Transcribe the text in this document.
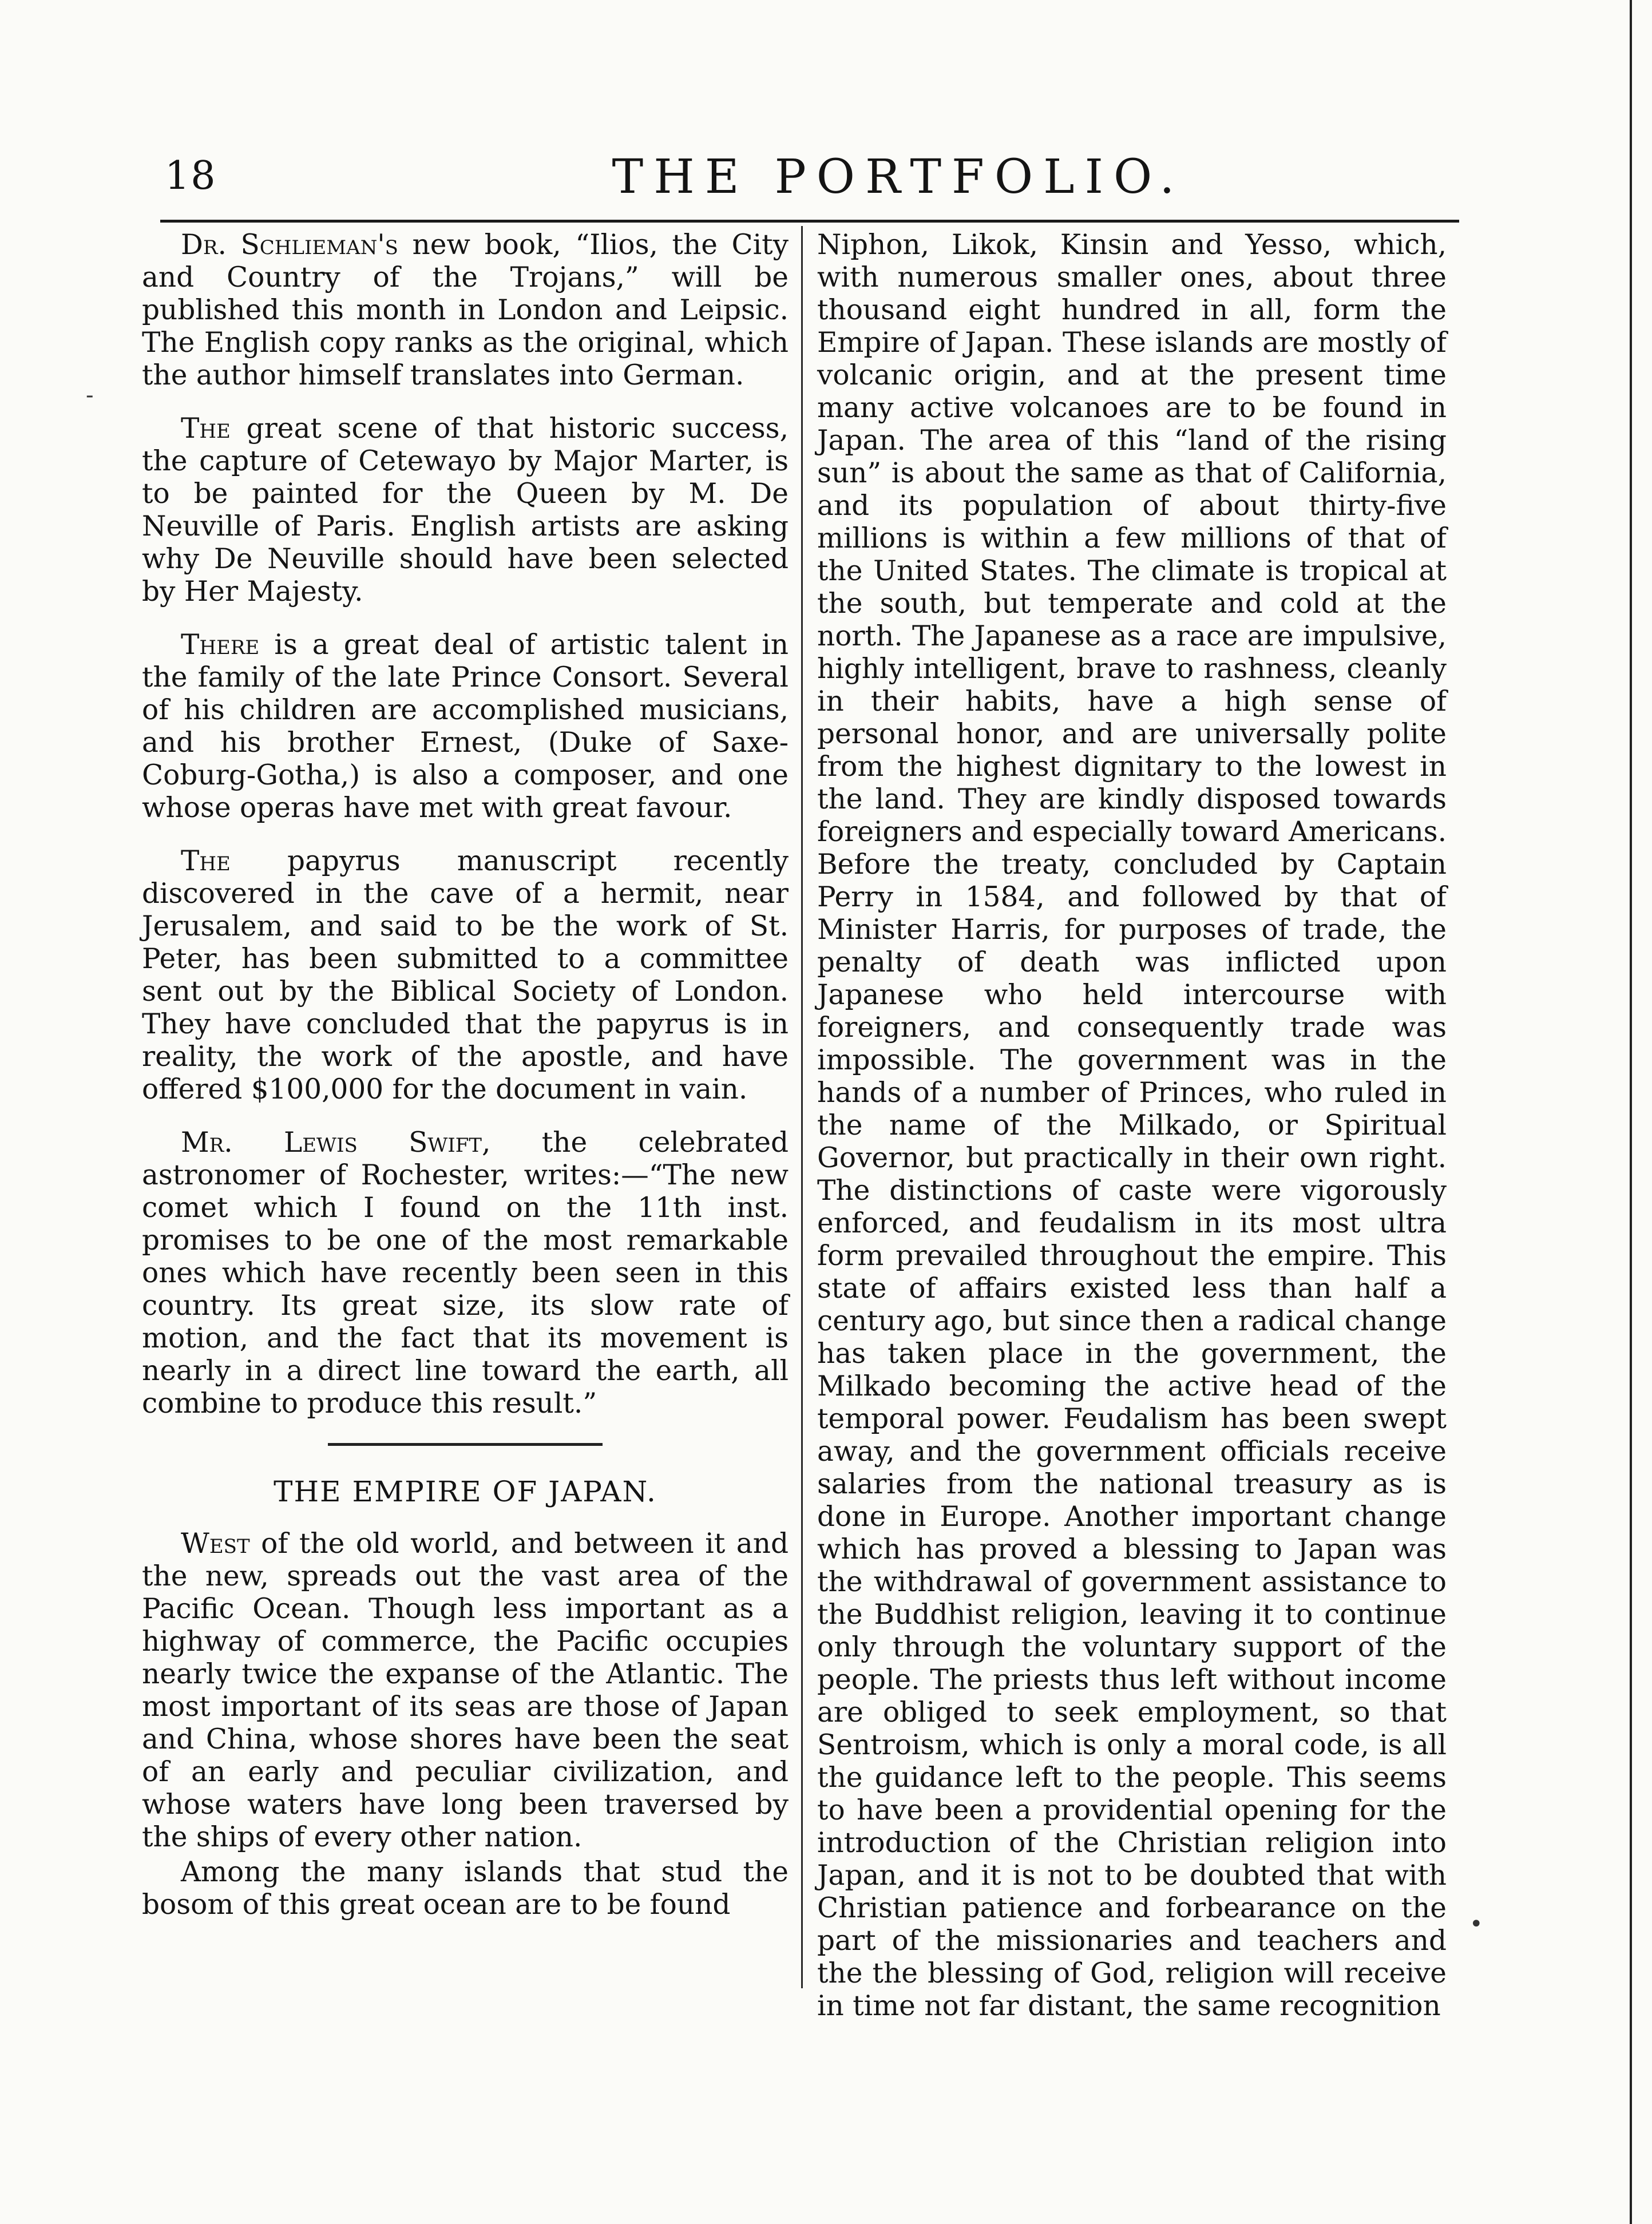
18	THE PORTFOLIO.

Dr. Schlieman's new book, “Ilios, the City and Country of the Trojans,” will be published this month in London and Leipsic. The English copy ranks as the original, which the author himself translates into German.

The great scene of that historic success, the capture of Cetewayo by Major Marter, is to be painted for the Queen by M. De Neuville of Paris. English artists are asking why De Neuville should have been selected by Her Majesty.

There is a great deal of artistic talent in the family of the late Prince Consort. Several of his children are accomplished musicians, and his brother Ernest, (Duke of Saxe-Coburg-Gotha,) is also a composer, and one whose operas have met with great favour.

The papyrus manuscript recently discovered in the cave of a hermit, near Jerusalem, and said to be the work of St. Peter, has been submitted to a committee sent out by the Biblical Society of London. They have concluded that the papyrus is in reality, the work of the apostle, and have offered $100,000 for the document in vain.

Mr. Lewis Swift, the celebrated astronomer of Rochester, writes:—“The new comet which I found on the 11th inst. promises to be one of the most remarkable ones which have recently been seen in this country. Its great size, its slow rate of motion, and the fact that its movement is nearly in a direct line toward the earth, all combine to produce this result.”

THE EMPIRE OF JAPAN.

West of the old world, and between it and the new, spreads out the vast area of the Pacific Ocean. Though less important as a highway of commerce, the Pacific occupies nearly twice the expanse of the Atlantic. The most important of its seas are those of Japan and China, whose shores have been the seat of an early and peculiar civilization, and whose waters have long been traversed by the ships of every other nation.

Among the many islands that stud the bosom of this great ocean are to be found

Niphon, Likok, Kinsin and Yesso, which, with numerous smaller ones, about three thousand eight hundred in all, form the Empire of Japan. These islands are mostly of volcanic origin, and at the present time many active volcanoes are to be found in Japan. The area of this “land of the rising sun” is about the same as that of California, and its population of about thirty-five millions is within a few millions of that of the United States. The climate is tropical at the south, but temperate and cold at the north. The Japanese as a race are impulsive, highly intelligent, brave to rashness, cleanly in their habits, have a high sense of personal honor, and are universally polite from the highest dignitary to the lowest in the land. They are kindly disposed towards foreigners and especially toward Americans. Before the treaty, concluded by Captain Perry in 1584, and followed by that of Minister Harris, for purposes of trade, the penalty of death was inflicted upon Japanese who held intercourse with foreigners, and consequently trade was impossible. The government was in the hands of a number of Princes, who ruled in the name of the Milkado, or Spiritual Governor, but practically in their own right. The distinctions of caste were vigorously enforced, and feudalism in its most ultra form prevailed throughout the empire. This state of affairs existed less than half a century ago, but since then a radical change has taken place in the government, the Milkado becoming the active head of the temporal power. Feudalism has been swept away, and the government officials receive salaries from the national treasury as is done in Europe. Another important change which has proved a blessing to Japan was the withdrawal of government assistance to the Buddhist religion, leaving it to continue only through the voluntary support of the people. The priests thus left without income are obliged to seek employment, so that Sentroism, which is only a moral code, is all the guidance left to the people. This seems to have been a providential opening for the introduction of the Christian religion into Japan, and it is not to be doubted that with Christian patience and forbearance on the part of the missionaries and teachers and the the blessing of God, religion will receive in time not far distant, the same recognition

-
•
